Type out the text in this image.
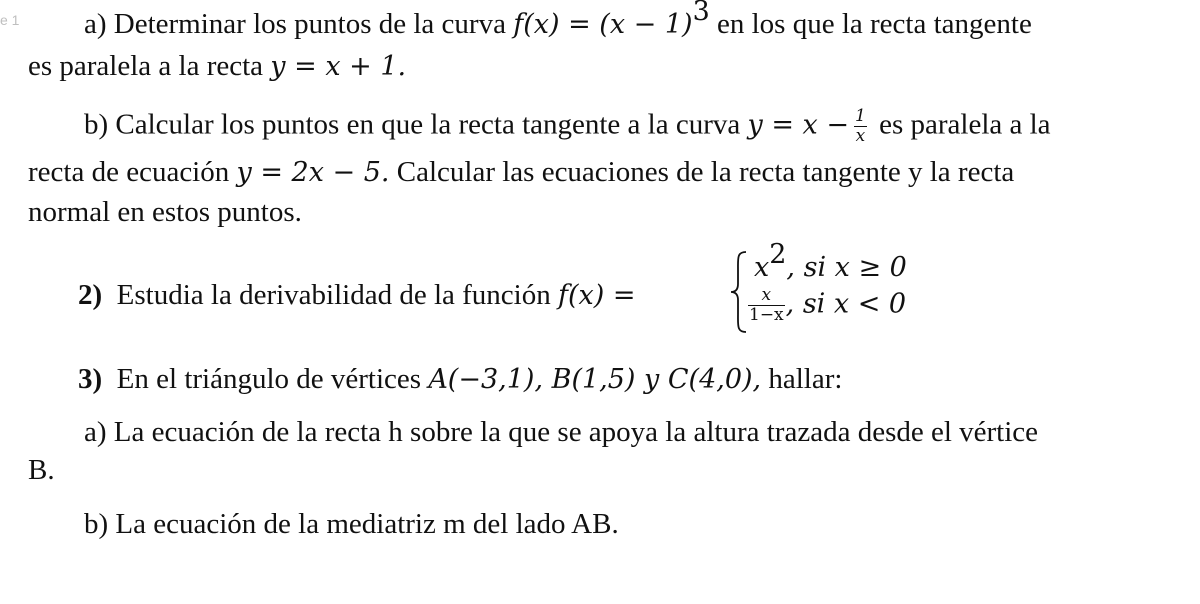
e 1 a) Determinar los puntos de la curva $f(x) = (x - 1)^3$ en los que la recta tangente
es paralela a la recta y = x + 1.
b) Calcular los puntos en que la recta tangente a la curva $y = x - \frac{1}{x}$ es paralela a la
recta de ecuación y = 2x − 5. Calcular las ecuaciones de la recta tangente y la recta
normal en estos puntos.
2) Estudia la derivabilidad de la función f(x) =
$x^2$, si x ≥ 0
$\frac{x}{1-x}$ , si x < 0
3) En el triángulo de vértices A(−3,1), B(1,5) y C(4,0), hallar:
a) La ecuación de la recta h sobre la que se apoya la altura trazada desde el vértice
B.
b) La ecuación de la mediatriz m del lado AB.
